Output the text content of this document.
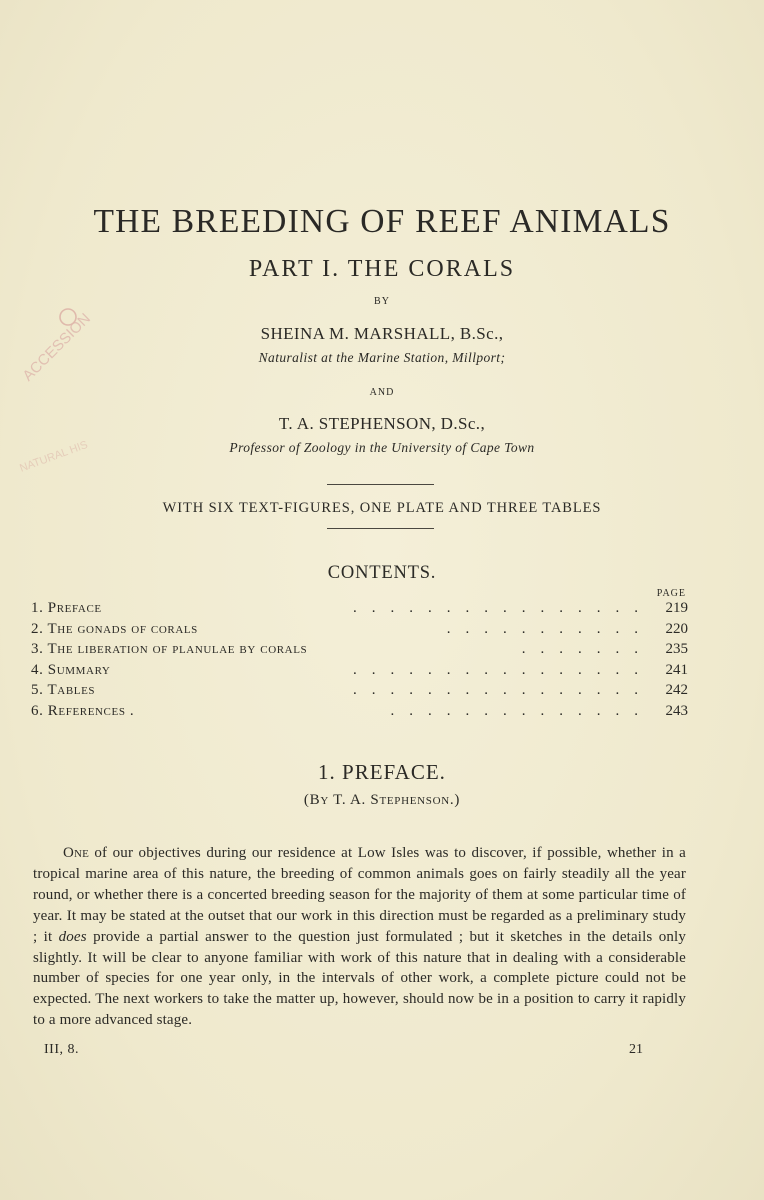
ACCESSION
NATURAL HIS
THE BREEDING OF REEF ANIMALS
PART I. THE CORALS
BY
SHEINA M. MARSHALL, B.Sc.,
Naturalist at the Marine Station, Millport;
AND
T. A. STEPHENSON, D.Sc.,
Professor of Zoology in the University of Cape Town
WITH SIX TEXT-FIGURES, ONE PLATE AND THREE TABLES
CONTENTS.
PAGE
1. Preface	.    .    .    .    .    .    .    .    .    .    .    .    .    .    .    . 219
2. The gonads of corals	.    .    .    .    .    .    .    .    .    .    . 220
3. The liberation of planulae by corals	.    .    .    .    .    .    . 235
4. Summary	.    .    .    .    .    .    .    .    .    .    .    .    .    .    .    . 241
5. Tables	.    .    .    .    .    .    .    .    .    .    .    .    .    .    .    . 242
6. References .	.    .    .    .    .    .    .    .    .    .    .    .    .    . 243
1. PREFACE.
(By T. A. Stephenson.)

One of our objectives during our residence at Low Isles was to discover, if possible, whether in a tropical marine area of this nature, the breeding of common animals goes on fairly steadily all the year round, or whether there is a concerted breeding season for the majority of them at some particular time of year. It may be stated at the outset that our work in this direction must be regarded as a preliminary study ; it does provide a partial answer to the question just formulated ; but it sketches in the details only slightly. It will be clear to anyone familiar with work of this nature that in dealing with a considerable number of species for one year only, in the intervals of other work, a complete picture could not be expected. The next workers to take the matter up, however, should now be in a position to carry it rapidly to a more advanced stage.

III, 8.	21
